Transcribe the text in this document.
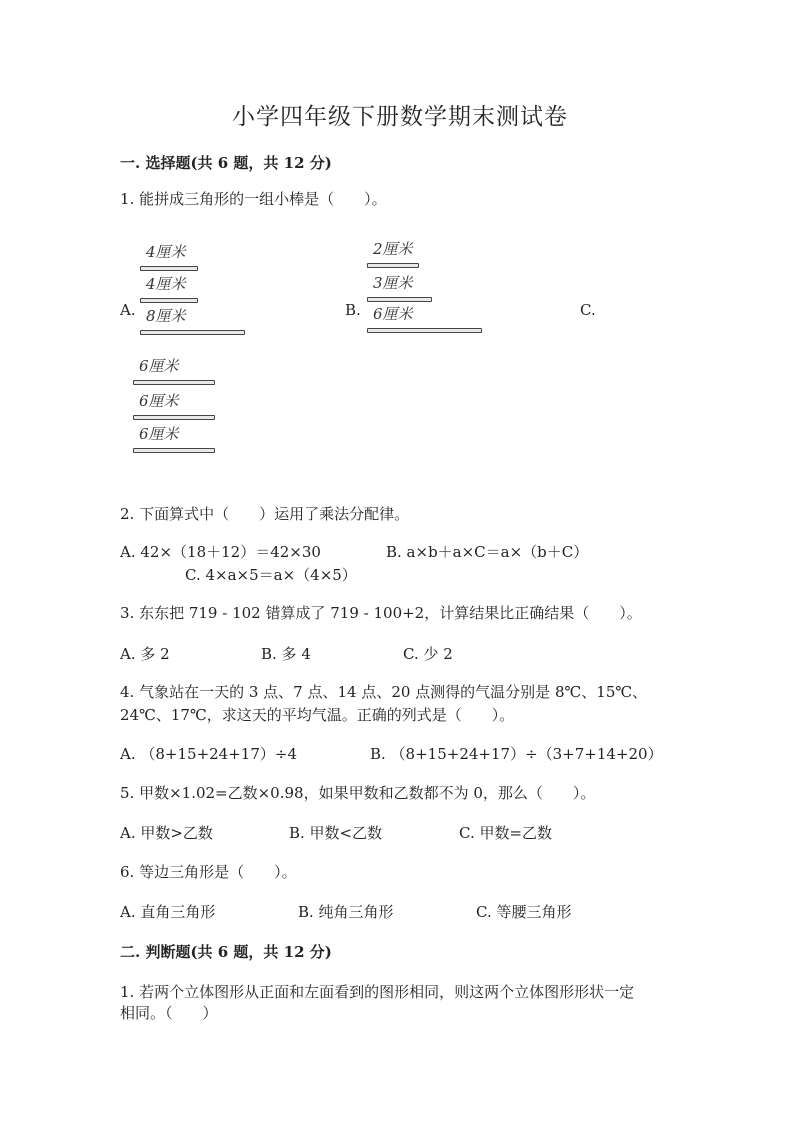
小学四年级下册数学期末测试卷
一. 选择题(共 6 题，共 12 分)
1. 能拼成三角形的一组小棒是（　　）。
A.	B.	C.
4厘米
4厘米
8厘米
2厘米
3厘米
6厘米
6厘米
6厘米
6厘米
2. 下面算式中（　　）运用了乘法分配律。
A. 42×（18＋12）＝42×30	B. a×b＋a×C＝a×（b＋C）
C. 4×a×5＝a×（4×5）
3. 东东把 719 - 102 错算成了 719 - 100+2，计算结果比正确结果（　　）。
A. 多 2	B. 多 4	C. 少 2
4. 气象站在一天的 3 点、7 点、14 点、20 点测得的气温分别是 8℃、15℃、
24℃、17℃，求这天的平均气温。正确的列式是（　　）。
A. （8+15+24+17）÷4	B. （8+15+24+17）÷（3+7+14+20）
5. 甲数×1.02=乙数×0.98，如果甲数和乙数都不为 0，那么（　　）。
A. 甲数>乙数	B. 甲数<乙数	C. 甲数=乙数
6. 等边三角形是（　　）。
A. 直角三角形	B. 纯角三角形	C. 等腰三角形
二. 判断题(共 6 题，共 12 分)
1. 若两个立体图形从正面和左面看到的图形相同，则这两个立体图形形状一定
相同。（　　）
